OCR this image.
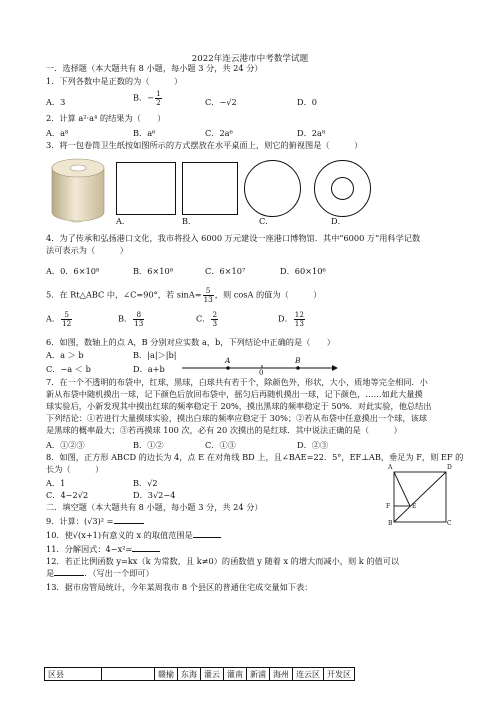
2022年连云港市中考数学试题
一．选择题（本大题共有 8 小题，每小题 3 分，共 24 分）
1．下列各数中是正数的为（　　　）
A．3	B．− $\frac{1}{2}$	C．−√2	D．0
2．计算 a²·a⁴ 的结果为（　　）
A．a⁸	B．a⁶	C．2a⁶	D．2a⁸
3．将一包卷筒卫生纸按如图所示的方式摆放在水平桌面上，则它的俯视图是（　　　）
A．	B．	C．	D．
4．为了传承和弘扬港口文化，我市将投入 6000 万元建设一座港口博物馆．其中“6000 万”用科学记数
法可表示为（　　　）
A．0．6×10⁸	B．6×10⁸	C．6×10⁷	D．60×10⁶
5．在 Rt△ABC 中，∠C=90°，若 $\sin A= \frac{5}{13}$ ，则 cosA 的值为（　　　）
A． $\frac{5}{12}$	B． $\frac{8}{13}$	C． $\frac{2}{3}$	D． $\frac{12}{13}$
6．如图，数轴上的点 A，B 分别对应实数 a，b，下列结论中正确的是（　　）
A．a ＞ b	B．|a|＞|b|
C．−a ＜ b	D．a+b
A	B
0
7．在一个不透明的布袋中，红球，黑球，白球共有若干个，除颜色外，形状，大小，质地等完全相同．小
新从布袋中随机摸出一球，记下颜色后放回布袋中，摇匀后再随机摸出一球，记下颜色，……如此大量摸
球实验后，小新发现其中摸出红球的频率稳定于 20%，摸出黑球的频率稳定于 50%．对此实验，他总结出
下列结论：①若进行大量摸球实验，摸出白球的频率应稳定于 30%；②若从布袋中任意摸出一个球，该球
是黑球的概率最大；③若再摸球 100 次，必有 20 次摸出的是红球．其中说法正确的是（　　　）
A．①②③	B．①②	C．①③	D．②③
8．如图，正方形 ABCD 的边长为 4，点 E 在对角线 BD 上，且∠BAE=22．5°，EF⊥AB，垂足为 F，则 EF 的
长为（　　　）
A．1	B．√2
C．4−2√2	D．3√2−4
A	D
B	C
E
F
二．填空题（本大题共有 8 小题，每小题 3 分，共 24 分）
9．计算：(√3)² =
10．使√(x+1)有意义的 x 的取值范围是
11．分解因式：4−x²=
12．若正比例函数 y=kx（k 为常数，且 k≠0）的函数值 y 随着 x 的增大而减小，则 k 的值可以
是	．（写出一个即可）
13．据市房管局统计，今年某周我市 8 个县区的普通住宅成交量如下表：
区县		赣榆	东海	灌云	灌南	新浦	海州	连云区	开发区
